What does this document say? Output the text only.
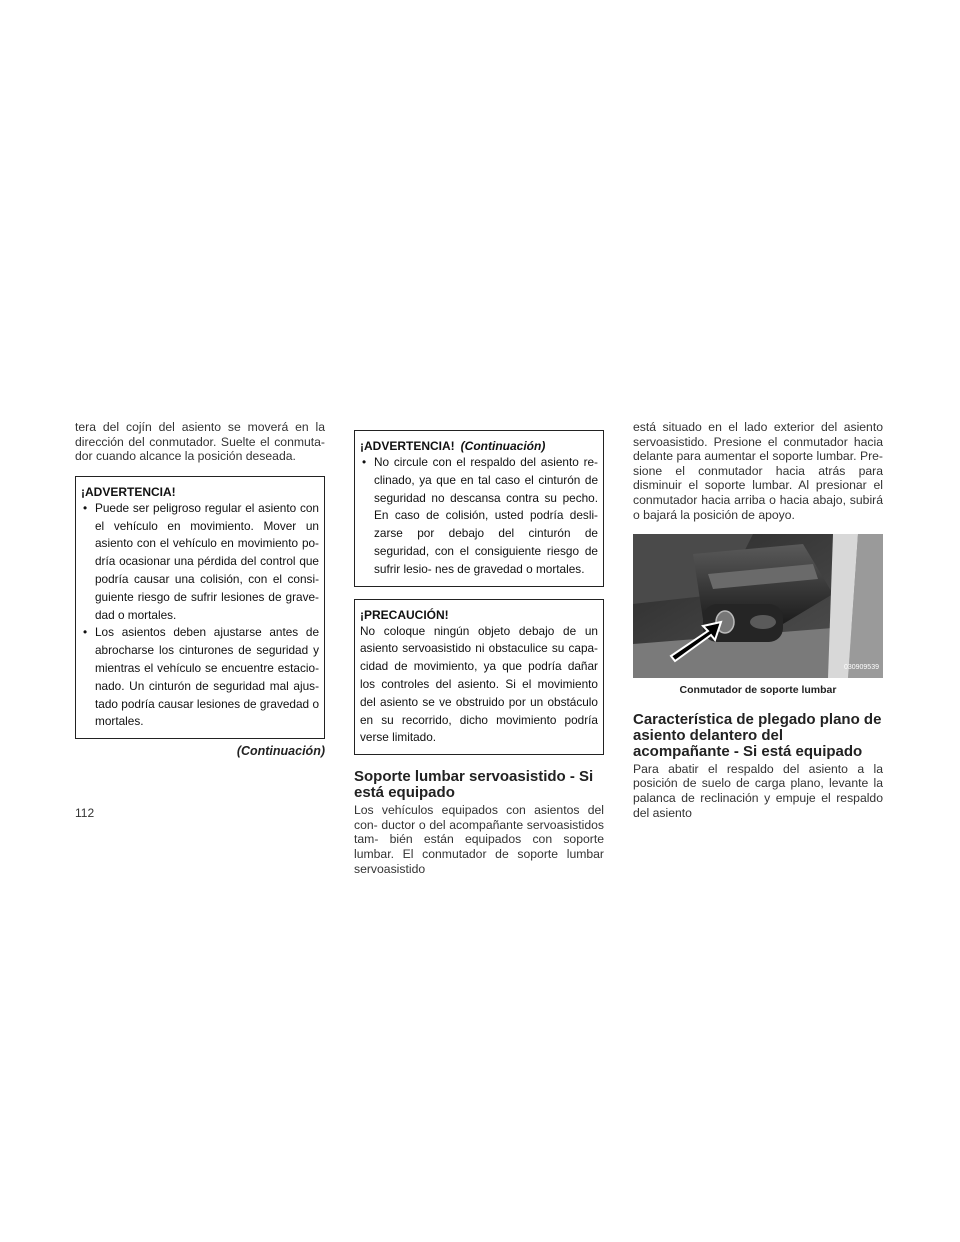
tera del cojín del asiento se moverá en la dirección del conmutador. Suelte el conmuta- dor cuando alcance la posición deseada.

¡ADVERTENCIA!
• Puede ser peligroso regular el asiento con el vehículo en movimiento. Mover un asiento con el vehículo en movimiento po- dría ocasionar una pérdida del control que podría causar una colisión, con el consi- guiente riesgo de sufrir lesiones de grave- dad o mortales.
• Los asientos deben ajustarse antes de abrocharse los cinturones de seguridad y mientras el vehículo se encuentre estacio- nado. Un cinturón de seguridad mal ajus- tado podría causar lesiones de gravedad o mortales.
(Continuación)
¡ADVERTENCIA! (Continuación)
• No circule con el respaldo del asiento re- clinado, ya que en tal caso el cinturón de seguridad no descansa contra su pecho. En caso de colisión, usted podría desli- zarse por debajo del cinturón de seguridad, con el consiguiente riesgo de sufrir lesio- nes de gravedad o mortales.
¡PRECAUCIÓN!

No coloque ningún objeto debajo de un asiento servoasistido ni obstaculice su capa- cidad de movimiento, ya que podría dañar los controles del asiento. Si el movimiento del asiento se ve obstruido por un obstáculo en su recorrido, dicho movimiento podría verse limitado.

Soporte lumbar servoasistido - Si está equipado

Los vehículos equipados con asientos del con- ductor o del acompañante servoasistidos tam- bién están equipados con soporte lumbar. El conmutador de soporte lumbar servoasistido

está situado en el lado exterior del asiento servoasistido. Presione el conmutador hacia delante para aumentar el soporte lumbar. Pre- sione el conmutador hacia atrás para disminuir el soporte lumbar. Al presionar el conmutador hacia arriba o hacia abajo, subirá o bajará la posición de apoyo.

030909539
Conmutador de soporte lumbar
Característica de plegado plano de asiento delantero del acompañante - Si está equipado

Para abatir el respaldo del asiento a la posición de suelo de carga plano, levante la palanca de reclinación y empuje el respaldo del asiento

112
